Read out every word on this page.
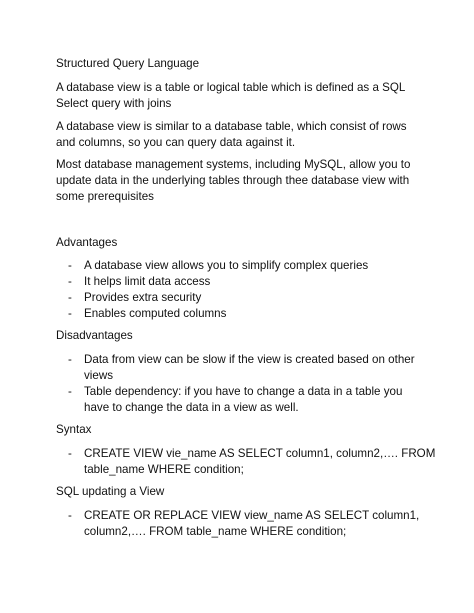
Structured Query Language
A database view is a table or logical table which is defined as a SQL
Select query with joins
A database view is similar to a database table, which consist of rows
and columns, so you can query data against it.
Most database management systems, including MySQL, allow you to
update data in the underlying tables through thee database view with
some prerequisites
Advantages
- A database view allows you to simplify complex queries
- It helps limit data access
- Provides extra security
- Enables computed columns
Disadvantages
- Data from view can be slow if the view is created based on other
views
- Table dependency: if you have to change a data in a table you
have to change the data in a view as well.
Syntax
- CREATE VIEW vie_name AS SELECT column1, column2,…. FROM
table_name WHERE condition;
SQL updating a View
- CREATE OR REPLACE VIEW view_name AS SELECT column1,
column2,…. FROM table_name WHERE condition;
